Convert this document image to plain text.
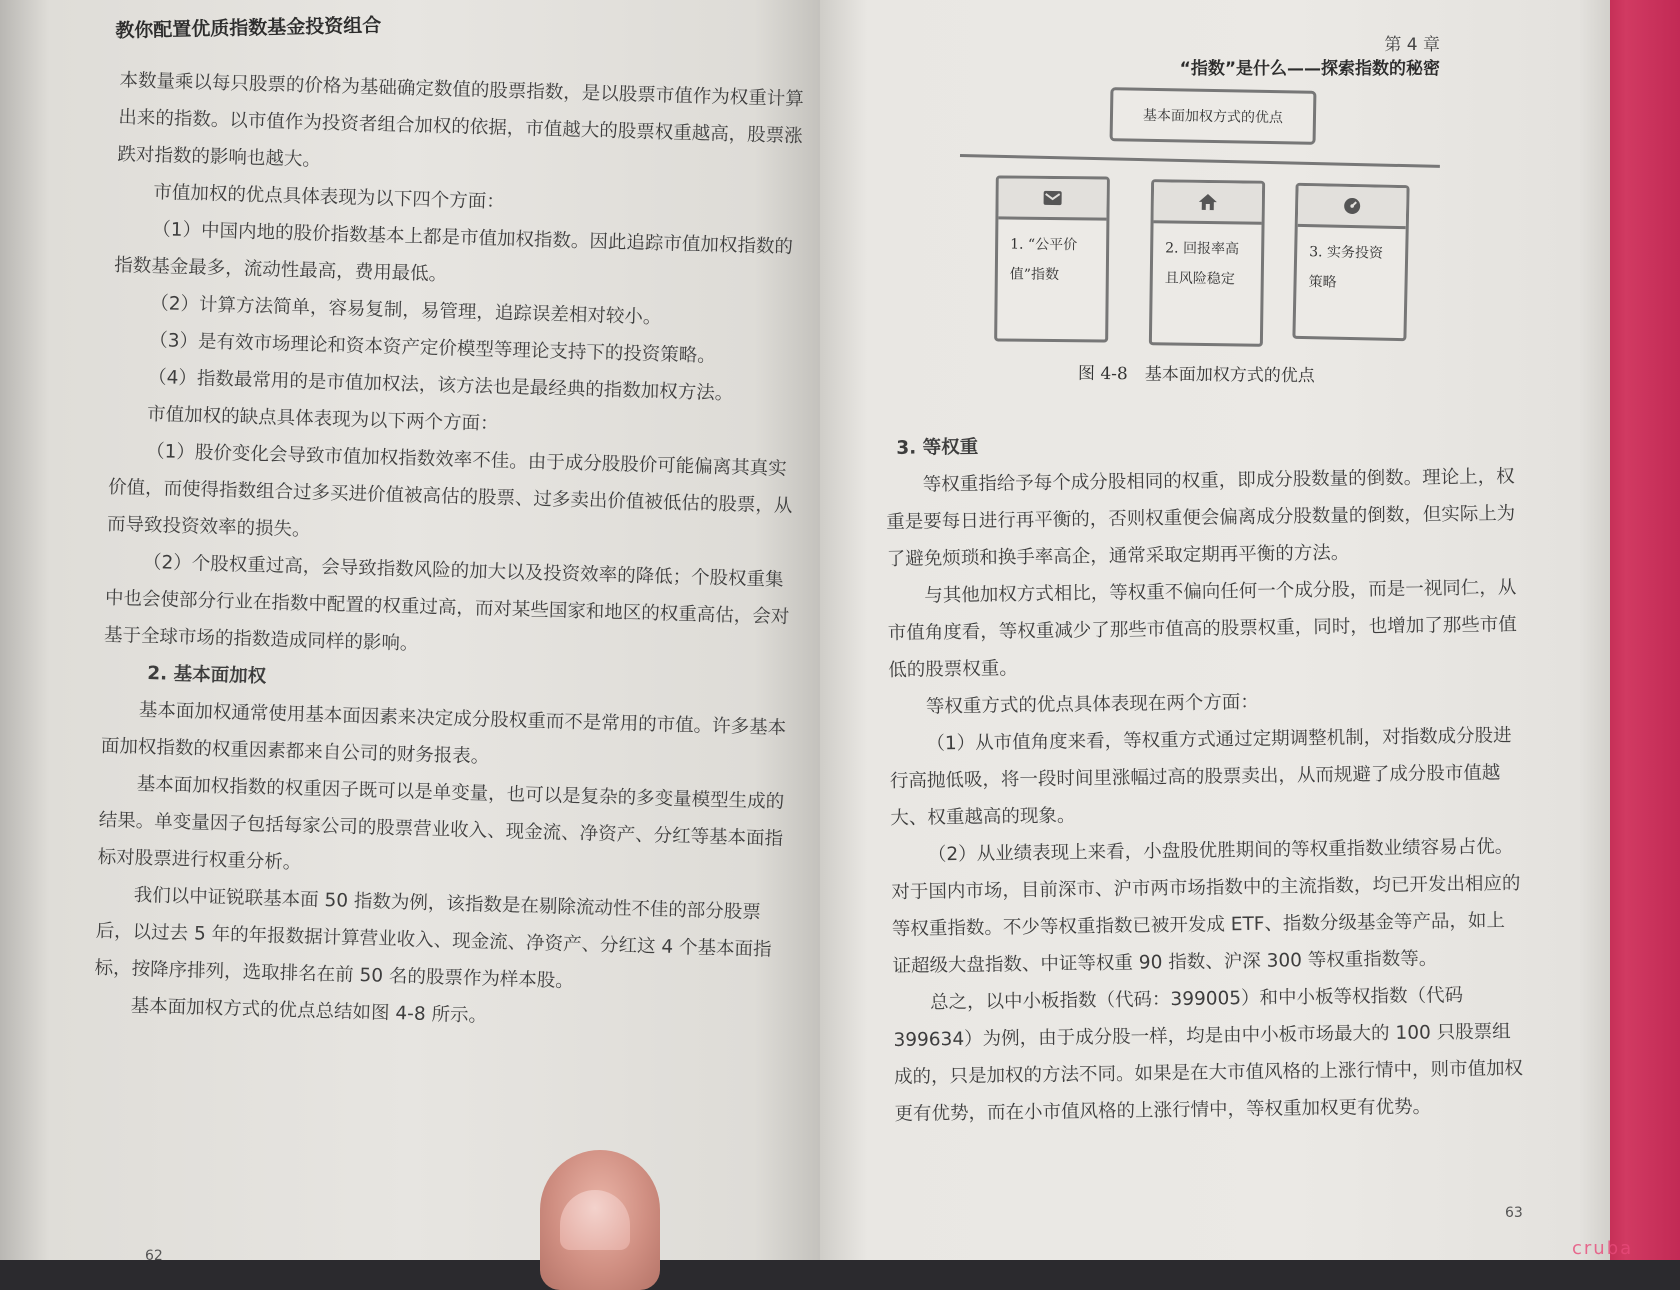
教你配置优质指数基金投资组合

本数量乘以每只股票的价格为基础确定数值的股票指数，是以股票市值作为权重计算出来的指数。以市值作为投资者组合加权的依据，市值越大的股票权重越高，股票涨跌对指数的影响也越大。

市值加权的优点具体表现为以下四个方面：

（1）中国内地的股价指数基本上都是市值加权指数。因此追踪市值加权指数的指数基金最多，流动性最高，费用最低。

（2）计算方法简单，容易复制，易管理，追踪误差相对较小。

（3）是有效市场理论和资本资产定价模型等理论支持下的投资策略。

（4）指数最常用的是市值加权法，该方法也是最经典的指数加权方法。

市值加权的缺点具体表现为以下两个方面：

（1）股价变化会导致市值加权指数效率不佳。由于成分股股价可能偏离其真实价值，而使得指数组合过多买进价值被高估的股票、过多卖出价值被低估的股票，从而导致投资效率的损失。

（2）个股权重过高，会导致指数风险的加大以及投资效率的降低；个股权重集中也会使部分行业在指数中配置的权重过高，而对某些国家和地区的权重高估，会对基于全球市场的指数造成同样的影响。

2. 基本面加权

基本面加权通常使用基本面因素来决定成分股权重而不是常用的市值。许多基本面加权指数的权重因素都来自公司的财务报表。

基本面加权指数的权重因子既可以是单变量，也可以是复杂的多变量模型生成的结果。单变量因子包括每家公司的股票营业收入、现金流、净资产、分红等基本面指标对股票进行权重分析。

我们以中证锐联基本面 50 指数为例，该指数是在剔除流动性不佳的部分股票后，以过去 5 年的年报数据计算营业收入、现金流、净资产、分红这 4 个基本面指标，按降序排列，选取排名在前 50 名的股票作为样本股。

基本面加权方式的优点总结如图 4-8 所示。

62
第 4 章
“指数”是什么——探索指数的秘密
63
基本面加权方式的优点
1. “公平价
值”指数
2. 回报率高
且风险稳定
3. 实务投资
策略
图 4-8　基本面加权方式的优点

3. 等权重

等权重指给予每个成分股相同的权重，即成分股数量的倒数。理论上，权重是要每日进行再平衡的，否则权重便会偏离成分股数量的倒数，但实际上为了避免烦琐和换手率高企，通常采取定期再平衡的方法。

与其他加权方式相比，等权重不偏向任何一个成分股，而是一视同仁，从市值角度看，等权重减少了那些市值高的股票权重，同时，也增加了那些市值低的股票权重。

等权重方式的优点具体表现在两个方面：

（1）从市值角度来看，等权重方式通过定期调整机制，对指数成分股进行高抛低吸，将一段时间里涨幅过高的股票卖出，从而规避了成分股市值越大、权重越高的现象。

（2）从业绩表现上来看，小盘股优胜期间的等权重指数业绩容易占优。对于国内市场，目前深市、沪市两市场指数中的主流指数，均已开发出相应的等权重指数。不少等权重指数已被开发成 ETF、指数分级基金等产品，如上证超级大盘指数、中证等权重 90 指数、沪深 300 等权重指数等。

总之，以中小板指数（代码：399005）和中小板等权指数（代码 399634）为例，由于成分股一样，均是由中小板市场最大的 100 只股票组成的，只是加权的方法不同。如果是在大市值风格的上涨行情中，则市值加权更有优势，而在小市值风格的上涨行情中，等权重加权更有优势。

cruba
